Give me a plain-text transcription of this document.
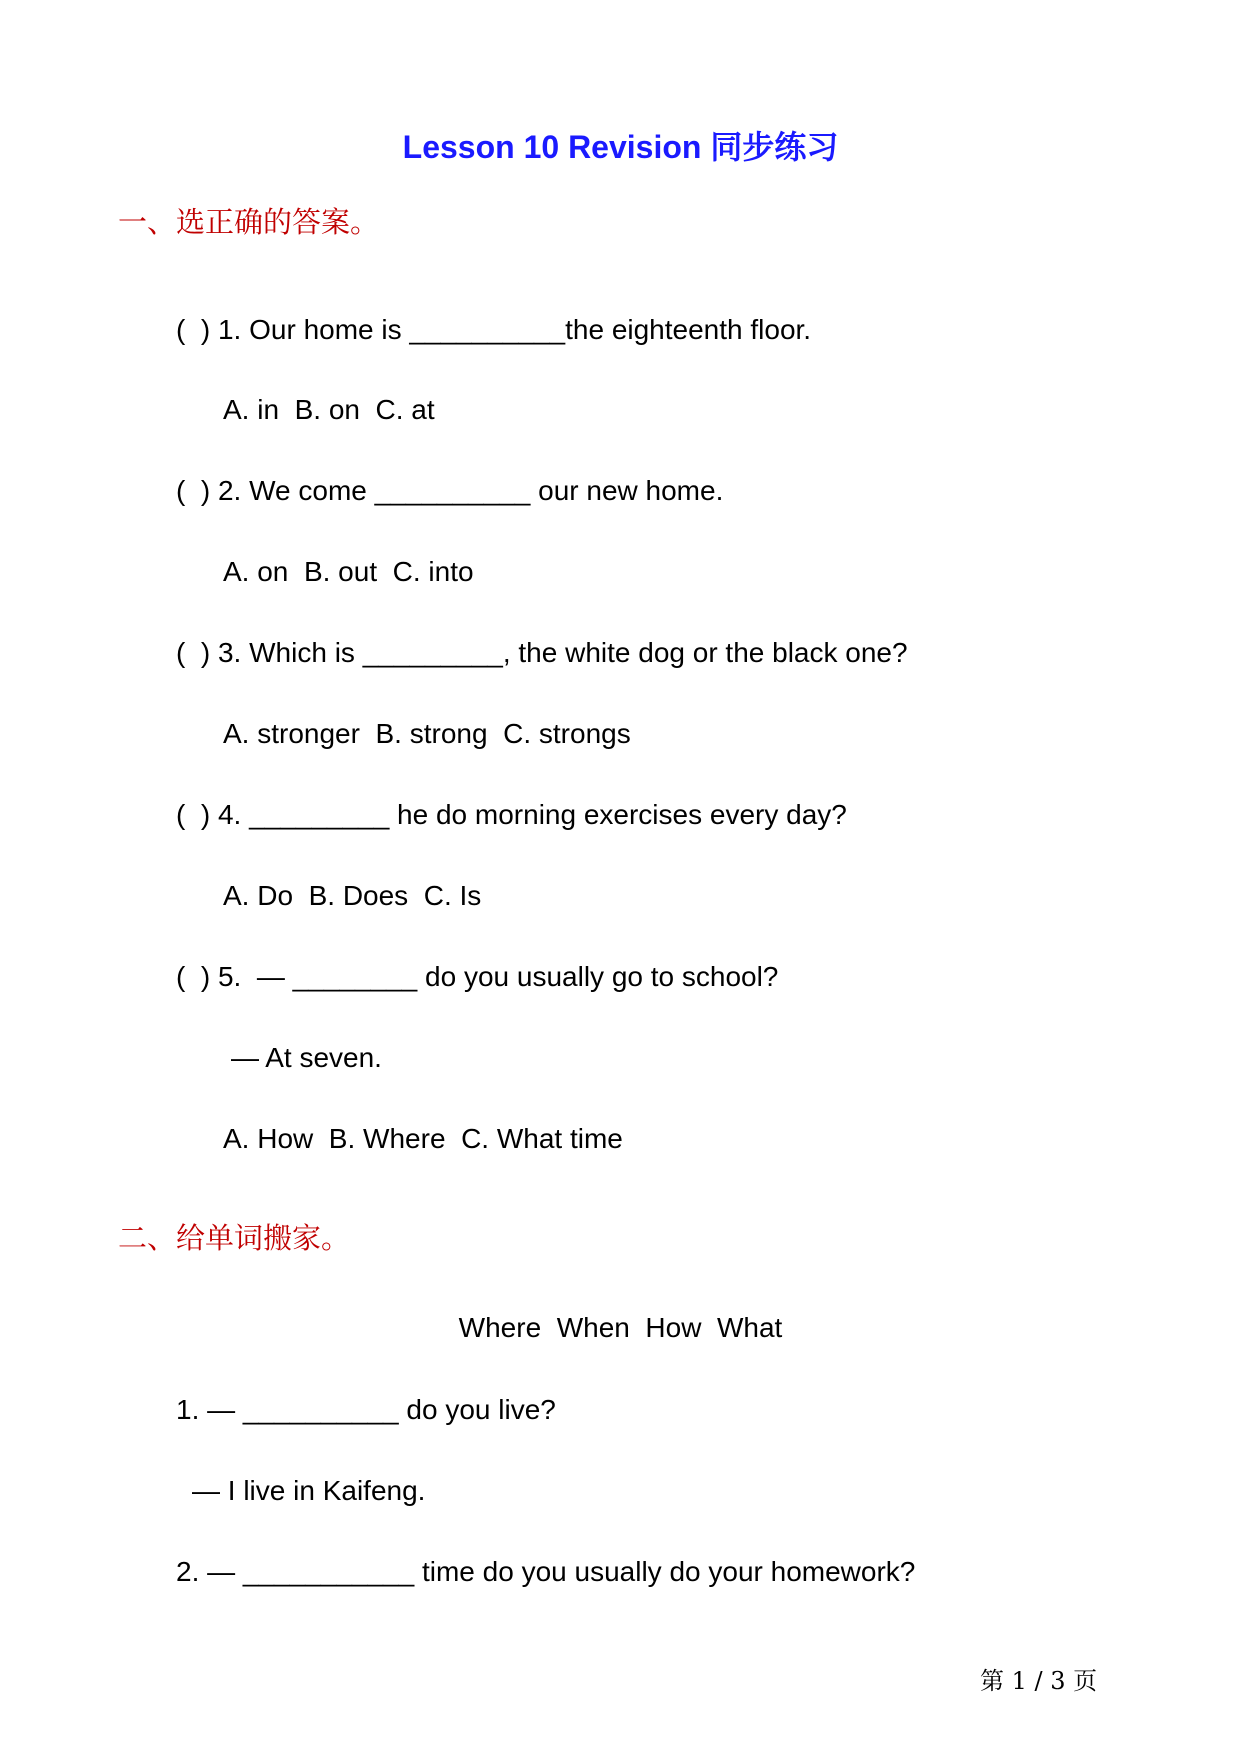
Lesson 10 Revision 同步练习
一、选正确的答案。
(  ) 1. Our home is __________the eighteenth floor.
A. in  B. on  C. at
(  ) 2. We come __________ our new home.
A. on  B. out  C. into
(  ) 3. Which is _________, the white dog or the black one?
A. stronger  B. strong  C. strongs
(  ) 4. _________ he do morning exercises every day?
A. Do  B. Does  C. Is
(  ) 5.  — ________ do you usually go to school?
— At seven.
A. How  B. Where  C. What time
二、给单词搬家。
Where  When  How  What
1. — __________ do you live?
— I live in Kaifeng.
2. — ___________ time do you usually do your homework?
第 1 / 3 页
